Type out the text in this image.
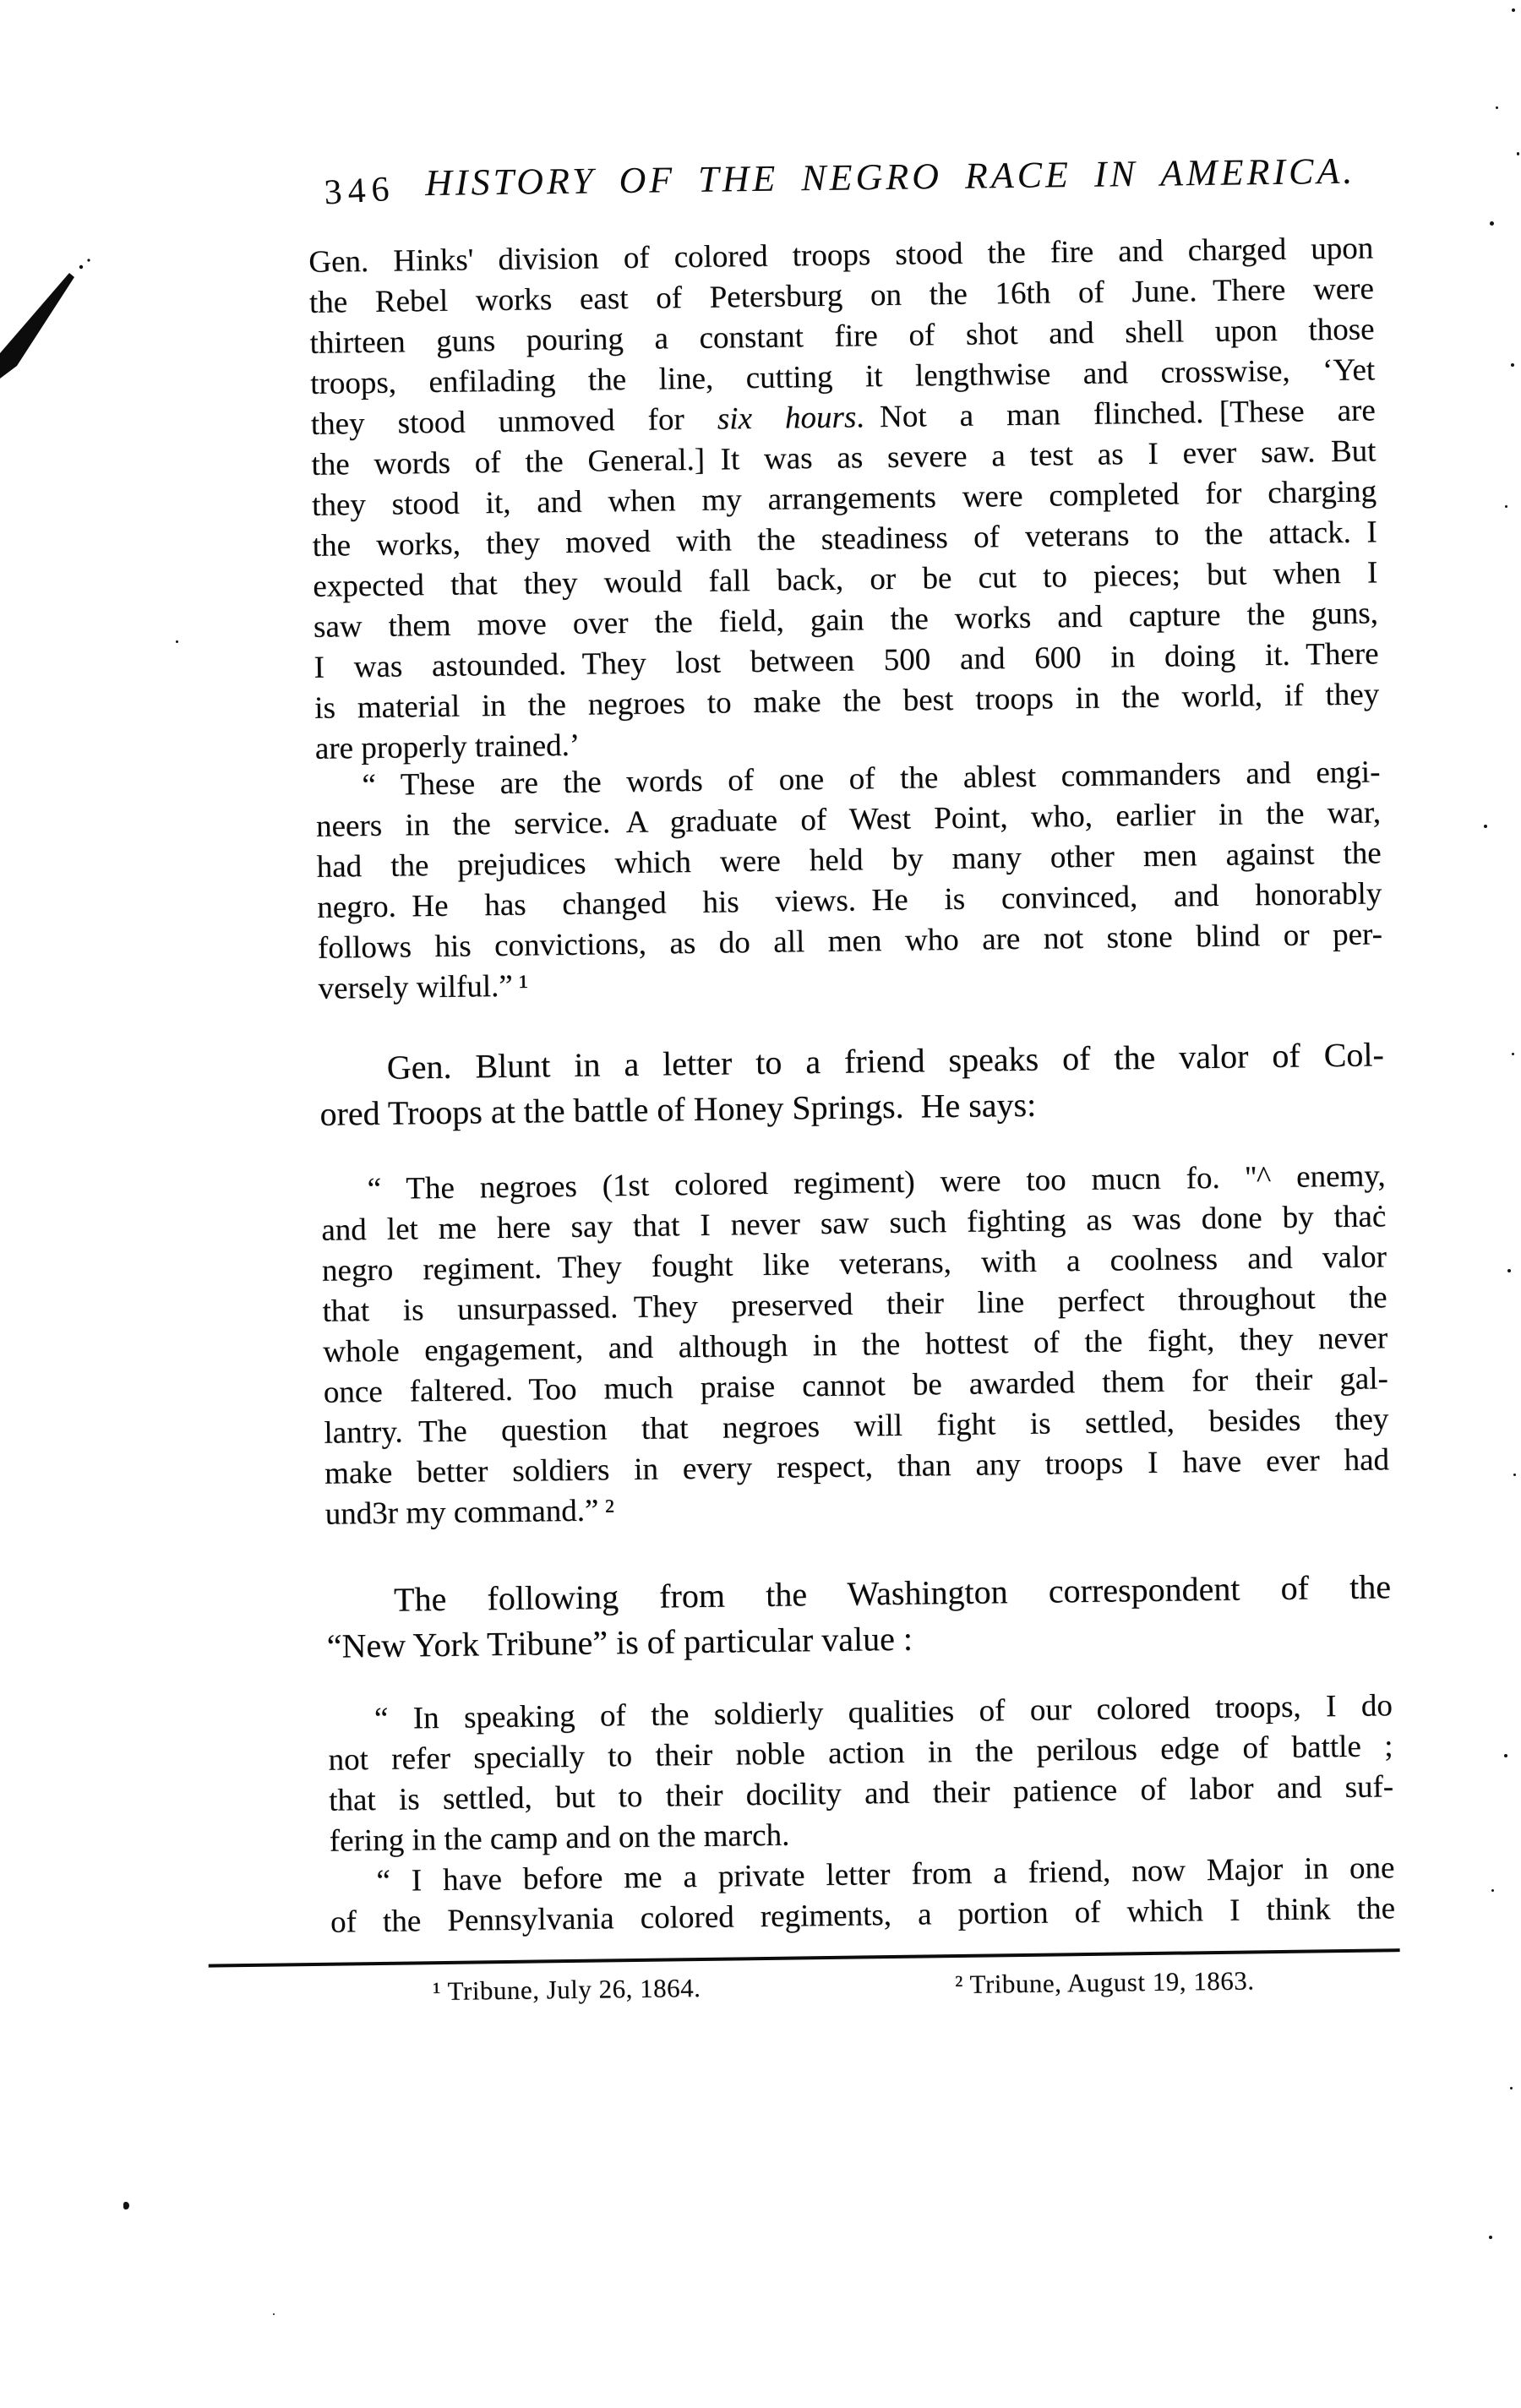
346 HISTORY OF THE NEGRO RACE IN AMERICA.
Gen. Hinks' division of colored troops stood the fire and charged upon
the Rebel works east of Petersburg on the 16th of June. There were
thirteen guns pouring a constant fire of shot and shell upon those
troops, enfilading the line, cutting it lengthwise and crosswise, ‘Yet
they stood unmoved for six hours. Not a man flinched. [These are
the words of the General.] It was as severe a test as I ever saw. But
they stood it, and when my arrangements were completed for charging
the works, they moved with the steadiness of veterans to the attack. I
expected that they would fall back, or be cut to pieces; but when I
saw them move over the field, gain the works and capture the guns,
I was astounded. They lost between 500 and 600 in doing it. There
is material in the negroes to make the best troops in the world, if they
are properly trained.’
“ These are the words of one of the ablest commanders and engi-
neers in the service. A graduate of West Point, who, earlier in the war,
had the prejudices which were held by many other men against the
negro. He has changed his views. He is convinced, and honorably
follows his convictions, as do all men who are not stone blind or per-
versely wilful.” ¹
Gen. Blunt in a letter to a friend speaks of the valor of Col-
ored Troops at the battle of Honey Springs. He says:
“ The negroes (1st colored regiment) were too mucn fo. ''^ enemy,
and let me here say that I never saw such fighting as was done by thaċ
negro regiment. They fought like veterans, with a coolness and valor
that is unsurpassed. They preserved their line perfect throughout the
whole engagement, and although in the hottest of the fight, they never
once faltered. Too much praise cannot be awarded them for their gal-
lantry. The question that negroes will fight is settled, besides they
make better soldiers in every respect, than any troops I have ever had
und3r my command.” ²
The following from the Washington correspondent of the
“New York Tribune” is of particular value :
“ In speaking of the soldierly qualities of our colored troops, I do
not refer specially to their noble action in the perilous edge of battle ;
that is settled, but to their docility and their patience of labor and suf-
fering in the camp and on the march.
“ I have before me a private letter from a friend, now Major in one
of the Pennsylvania colored regiments, a portion of which I think the
¹ Tribune, July 26, 1864.	² Tribune, August 19, 1863.
